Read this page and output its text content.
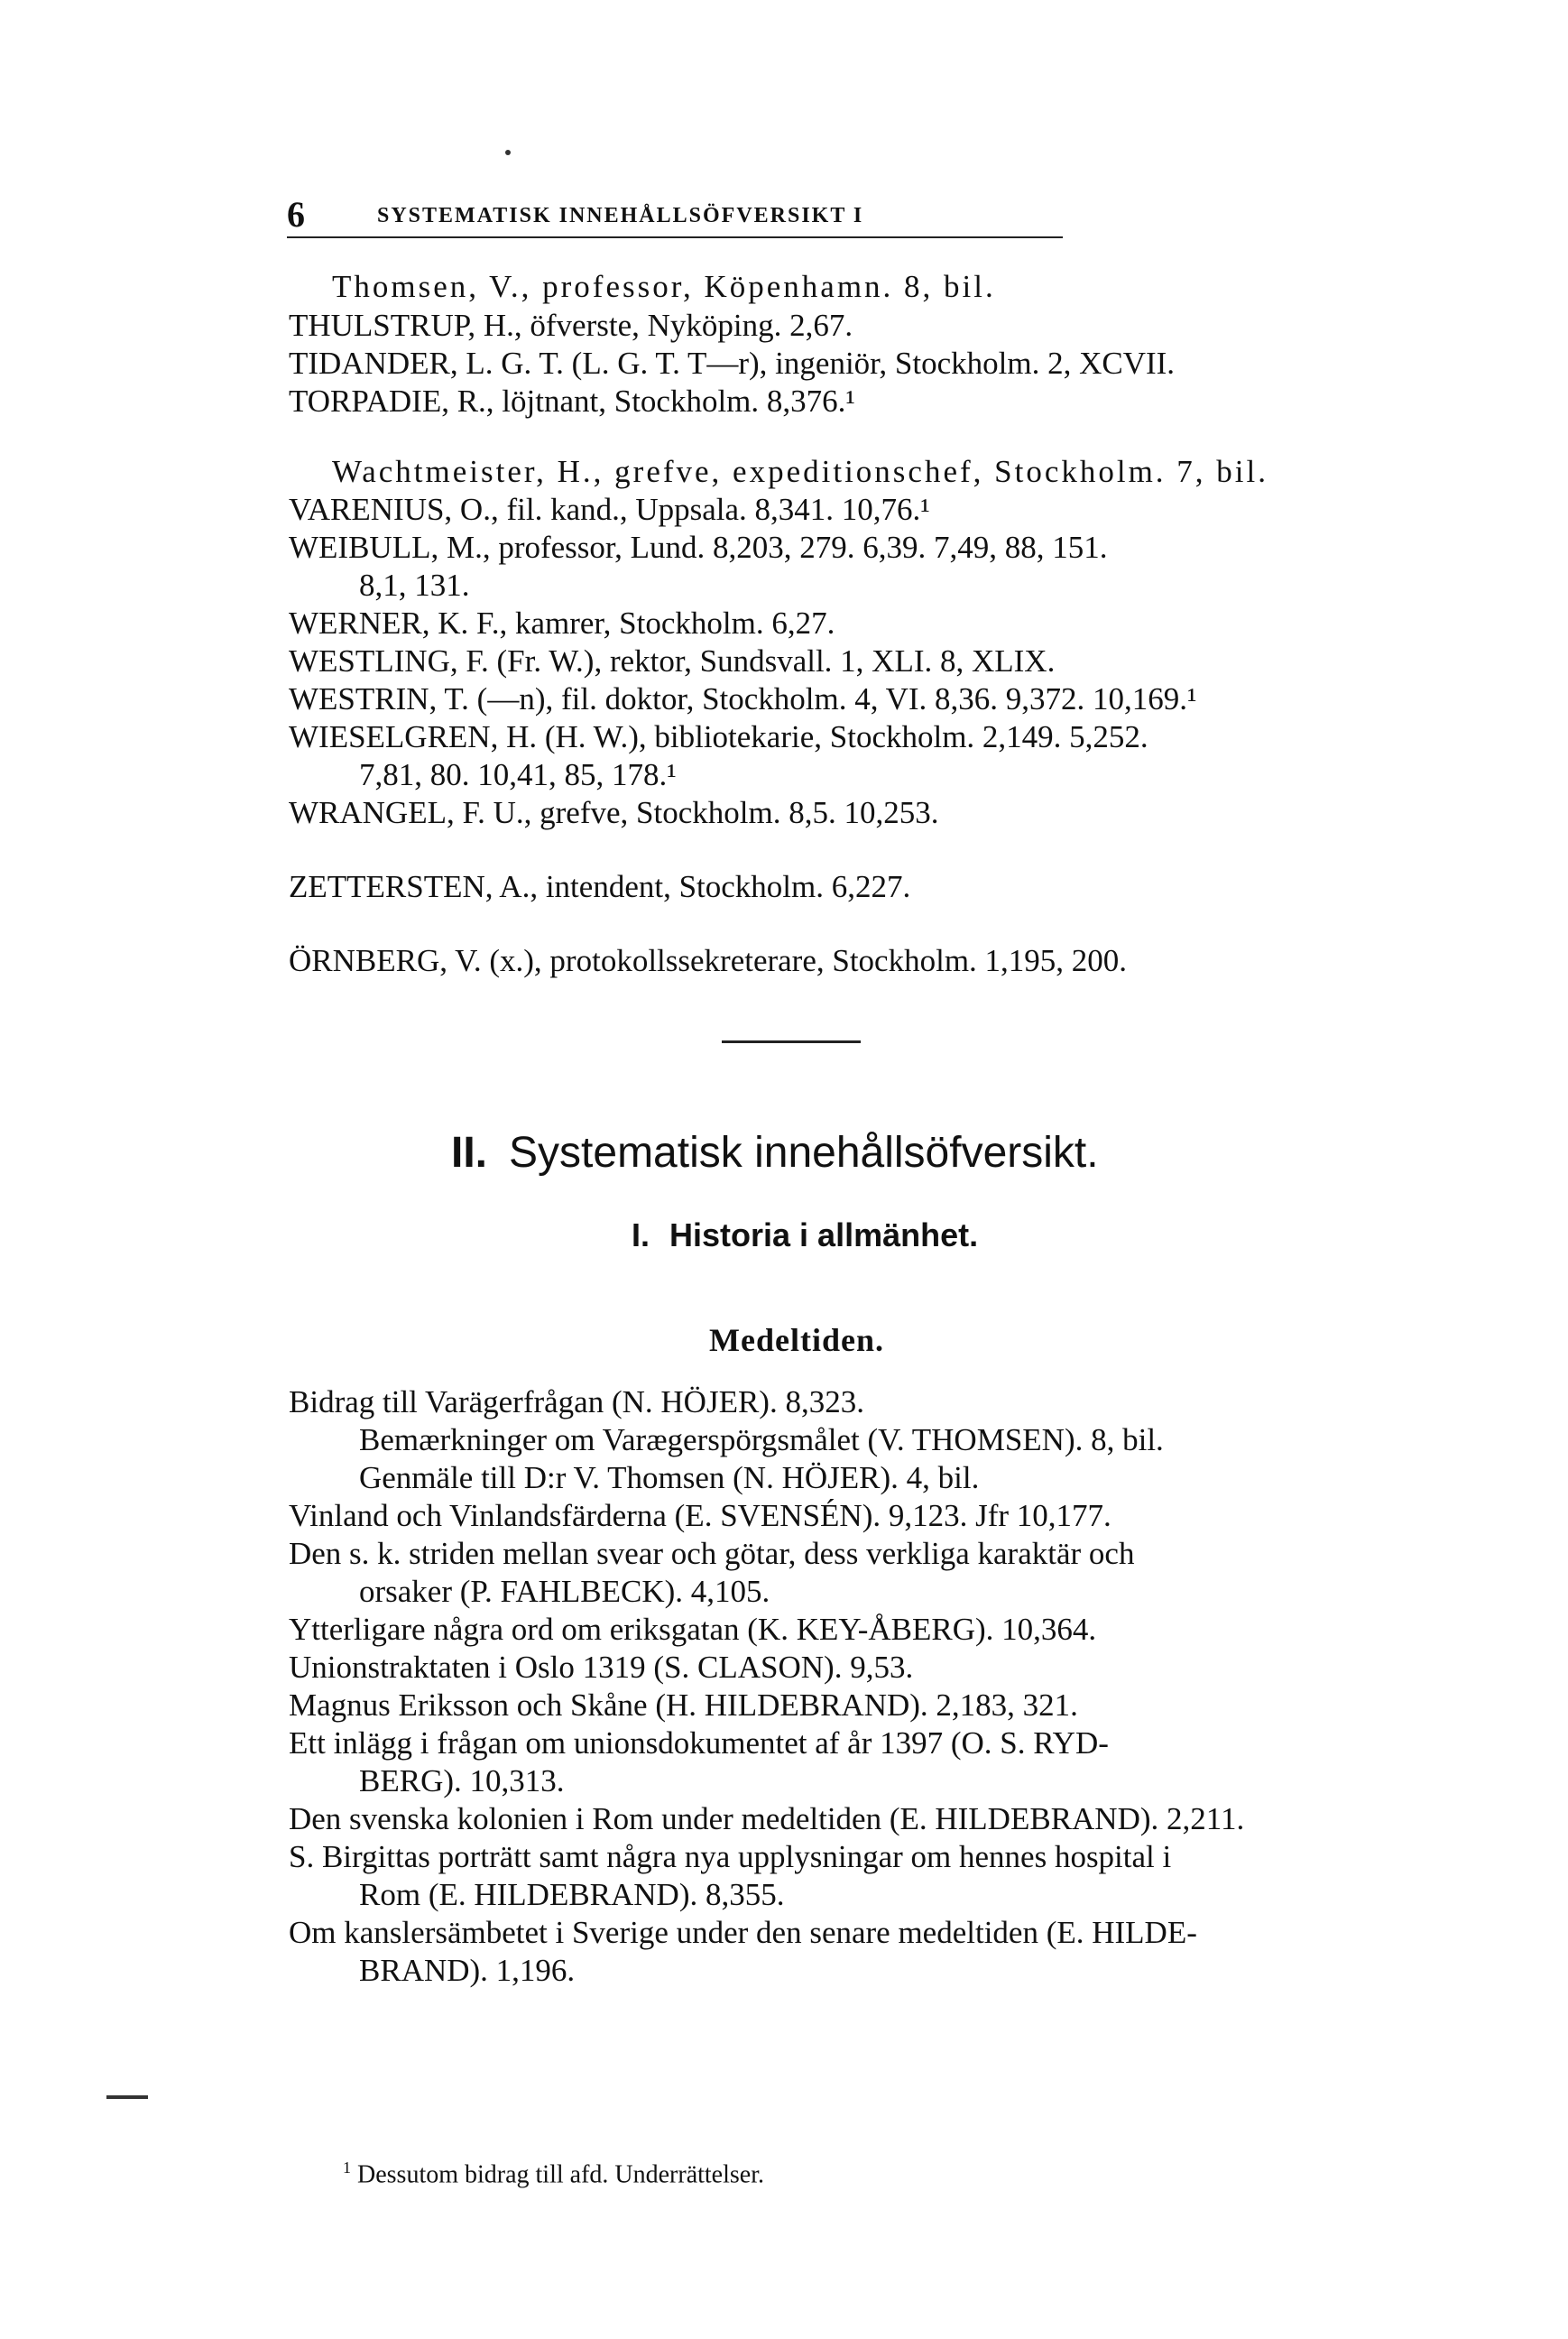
6	SYSTEMATISK INNEHÅLLSÖFVERSIKT I
Thomsen, V., professor, Köpenhamn. 8, bil.
THULSTRUP, H., öfverste, Nyköping. 2,67.
TIDANDER, L. G. T. (L. G. T. T—r), ingeniör, Stockholm. 2, XCVII.
TORPADIE, R., löjtnant, Stockholm. 8,376.¹
Wachtmeister, H., grefve, expeditionschef, Stockholm. 7, bil.
VARENIUS, O., fil. kand., Uppsala. 8,341. 10,76.¹
WEIBULL, M., professor, Lund. 8,203, 279. 6,39. 7,49, 88, 151.
8,1, 131.
WERNER, K. F., kamrer, Stockholm. 6,27.
WESTLING, F. (Fr. W.), rektor, Sundsvall. 1, XLI. 8, XLIX.
WESTRIN, T. (—n), fil. doktor, Stockholm. 4, VI. 8,36. 9,372. 10,169.¹
WIESELGREN, H. (H. W.), bibliotekarie, Stockholm. 2,149. 5,252.
7,81, 80. 10,41, 85, 178.¹
WRANGEL, F. U., grefve, Stockholm. 8,5. 10,253.
ZETTERSTEN, A., intendent, Stockholm. 6,227.
ÖRNBERG, V. (x.), protokollssekreterare, Stockholm. 1,195, 200.
II. Systematisk innehållsöfversikt.
I. Historia i allmänhet.
Medeltiden.
Bidrag till Varägerfrågan (N. HÖJER). 8,323.
Bemærkninger om Varægerspörgsmålet (V. THOMSEN). 8, bil.
Genmäle till D:r V. Thomsen (N. HÖJER). 4, bil.
Vinland och Vinlandsfärderna (E. SVENSÉN). 9,123. Jfr 10,177.
Den s. k. striden mellan svear och götar, dess verkliga karaktär och
orsaker (P. FAHLBECK). 4,105.
Ytterligare några ord om eriksgatan (K. KEY-ÅBERG). 10,364.
Unionstraktaten i Oslo 1319 (S. CLASON). 9,53.
Magnus Eriksson och Skåne (H. HILDEBRAND). 2,183, 321.
Ett inlägg i frågan om unionsdokumentet af år 1397 (O. S. RYD-
BERG). 10,313.
Den svenska kolonien i Rom under medeltiden (E. HILDEBRAND). 2,211.
S. Birgittas porträtt samt några nya upplysningar om hennes hospital i
Rom (E. HILDEBRAND). 8,355.
Om kanslersämbetet i Sverige under den senare medeltiden (E. HILDE-
BRAND). 1,196.
$^1$ Dessutom bidrag till afd. Underrättelser.
